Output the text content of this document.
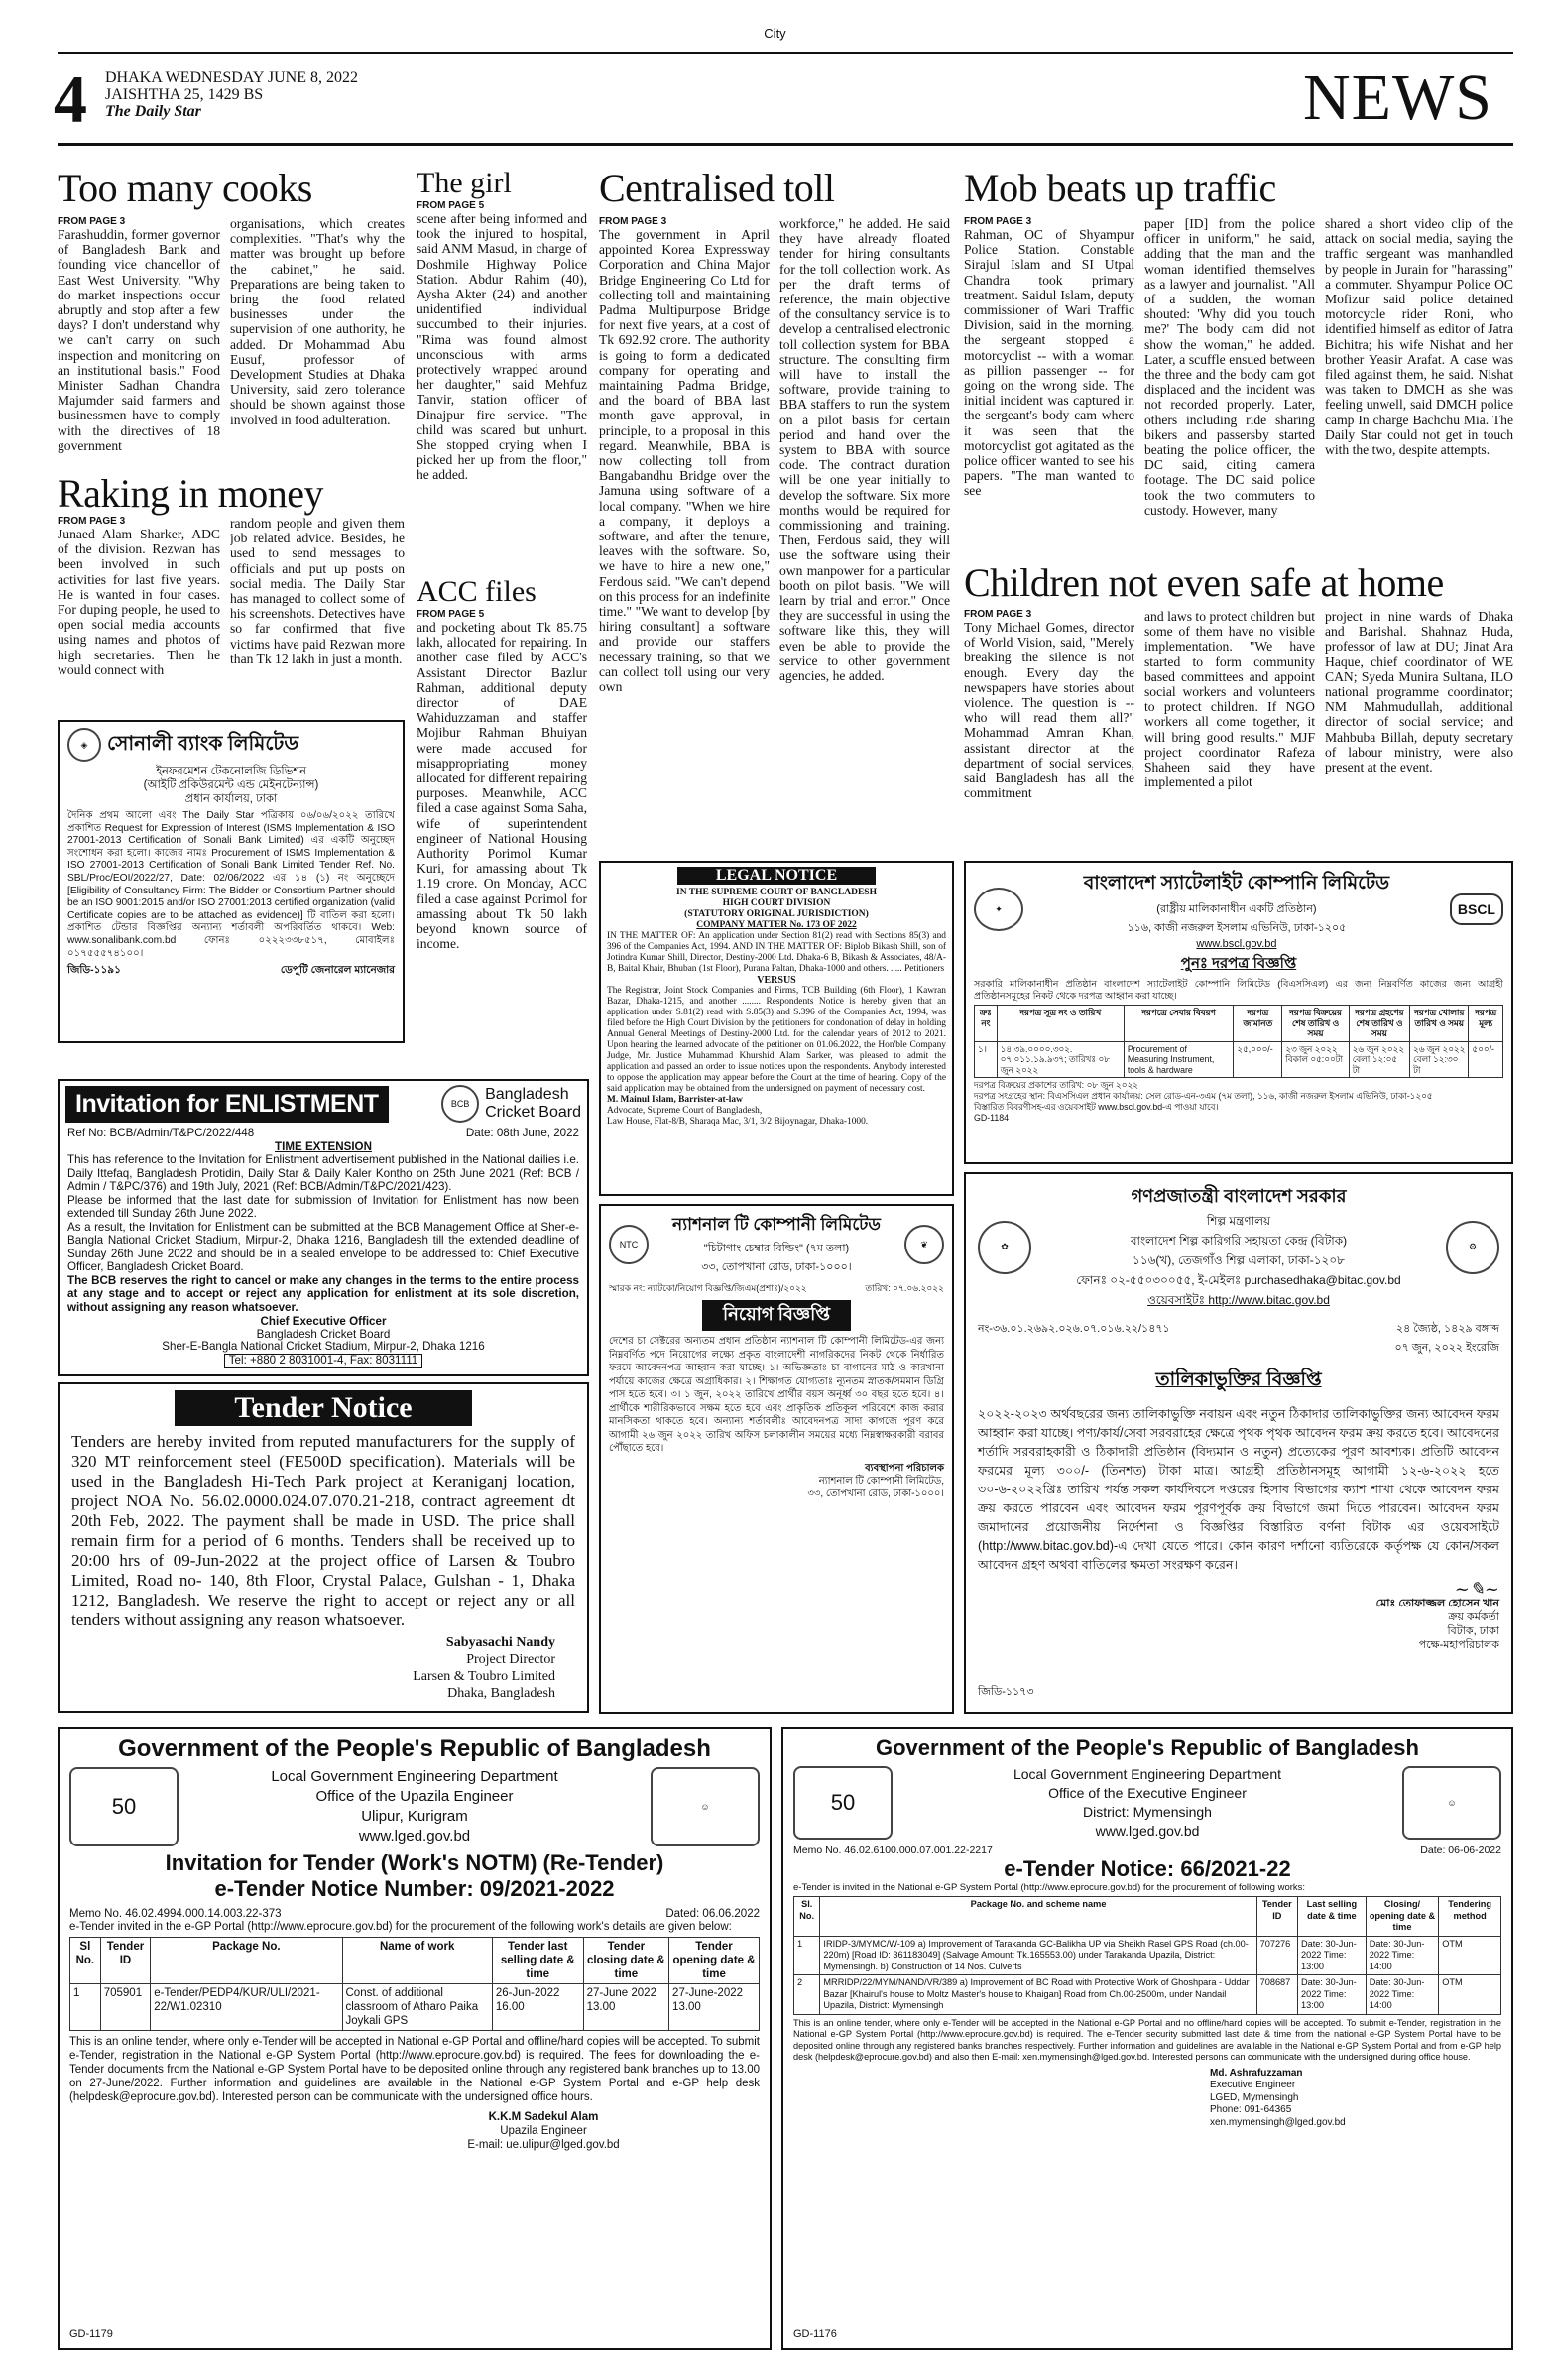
City
4 DHAKA WEDNESDAY JUNE 8, 2022
JAISHTHA 25, 1429 BS
The Daily Star	NEWS
Too many cooks
FROM PAGE 3
Farashuddin, former governor of Bangladesh Bank and founding vice chancellor of East West University. "Why do market inspections occur abruptly and stop after a few days? I don't understand why we can't carry on such inspection and monitoring on an institutional basis." Food Minister Sadhan Chandra Majumder said farmers and businessmen have to comply with the directives of 18 government
organisations, which creates complexities. "That's why the matter was brought up before the cabinet," he said. Preparations are being taken to bring the food related businesses under the supervision of one authority, he added. Dr Mohammad Abu Eusuf, professor of Development Studies at Dhaka University, said zero tolerance should be shown against those involved in food adulteration.
Raking in money
FROM PAGE 3
Junaed Alam Sharker, ADC of the division. Rezwan has been involved in such activities for last five years. He is wanted in four cases. For duping people, he used to open social media accounts using names and photos of high secretaries. Then he would connect with
random people and given them job related advice. Besides, he used to send messages to officials and put up posts on social media. The Daily Star has managed to collect some of his screenshots. Detectives have so far confirmed that five victims have paid Rezwan more than Tk 12 lakh in just a month.
The girl
FROM PAGE 5
scene after being informed and took the injured to hospital, said ANM Masud, in charge of Doshmile Highway Police Station. Abdur Rahim (40), Aysha Akter (24) and another unidentified individual succumbed to their injuries. "Rima was found almost unconscious with arms protectively wrapped around her daughter," said Mehfuz Tanvir, station officer of Dinajpur fire service. "The child was scared but unhurt. She stopped crying when I picked her up from the floor," he added.
ACC files
FROM PAGE 5
and pocketing about Tk 85.75 lakh, allocated for repairing. In another case filed by ACC's Assistant Director Bazlur Rahman, additional deputy director of DAE Wahiduzzaman and staffer Mojibur Rahman Bhuiyan were made accused for misappropriating money allocated for different repairing purposes. Meanwhile, ACC filed a case against Soma Saha, wife of superintendent engineer of National Housing Authority Porimol Kumar Kuri, for amassing about Tk 1.19 crore. On Monday, ACC filed a case against Porimol for amassing about Tk 50 lakh beyond known source of income.
Centralised toll
FROM PAGE 3
The government in April appointed Korea Expressway Corporation and China Major Bridge Engineering Co Ltd for collecting toll and maintaining Padma Multipurpose Bridge for next five years, at a cost of Tk 692.92 crore. The authority is going to form a dedicated company for operating and maintaining Padma Bridge, and the board of BBA last month gave approval, in principle, to a proposal in this regard. Meanwhile, BBA is now collecting toll from Bangabandhu Bridge over the Jamuna using software of a local company. "When we hire a company, it deploys a software, and after the tenure, leaves with the software. So, we have to hire a new one," Ferdous said. "We can't depend on this process for an indefinite time." "We want to develop [by hiring consultant] a software and provide our staffers necessary training, so that we can collect toll using our very own
workforce," he added. He said they have already floated tender for hiring consultants for the toll collection work. As per the draft terms of reference, the main objective of the consultancy service is to develop a centralised electronic toll collection system for BBA structure. The consulting firm will have to install the software, provide training to BBA staffers to run the system on a pilot basis for certain period and hand over the system to BBA with source code. The contract duration will be one year initially to develop the software. Six more months would be required for commissioning and training. Then, Ferdous said, they will use the software using their own manpower for a particular booth on pilot basis. "We will learn by trial and error." Once they are successful in using the software like this, they will even be able to provide the service to other government agencies, he added.
Mob beats up traffic
FROM PAGE 3
Rahman, OC of Shyampur Police Station. Constable Sirajul Islam and SI Utpal Chandra took primary treatment. Saidul Islam, deputy commissioner of Wari Traffic Division, said in the morning, the sergeant stopped a motorcyclist -- with a woman as pillion passenger -- for going on the wrong side. The initial incident was captured in the sergeant's body cam where it was seen that the motorcyclist got agitated as the police officer wanted to see his papers. "The man wanted to see
paper [ID] from the police officer in uniform," he said, adding that the man and the woman identified themselves as a lawyer and journalist. "All of a sudden, the woman shouted: 'Why did you touch me?' The body cam did not show the woman," he added. Later, a scuffle ensued between the three and the body cam got displaced and the incident was not recorded properly. Later, others including ride sharing bikers and passersby started beating the police officer, the DC said, citing camera footage. The DC said police took the two commuters to custody. However, many
shared a short video clip of the attack on social media, saying the traffic sergeant was manhandled by people in Jurain for "harassing" a commuter. Shyampur Police OC Mofizur said police detained motorcycle rider Roni, who identified himself as editor of Jatra Bichitra; his wife Nishat and her brother Yeasir Arafat. A case was filed against them, he said. Nishat was taken to DMCH as she was feeling unwell, said DMCH police camp In charge Bachchu Mia. The Daily Star could not get in touch with the two, despite attempts.
Children not even safe at home
FROM PAGE 3
Tony Michael Gomes, director of World Vision, said, "Merely breaking the silence is not enough. Every day the newspapers have stories about violence. The question is -- who will read them all?" Mohammad Amran Khan, assistant director at the department of social services, said Bangladesh has all the commitment
and laws to protect children but some of them have no visible implementation. "We have started to form community based committees and appoint social workers and volunteers to protect children. If NGO workers all come together, it will bring good results." MJF project coordinator Rafeza Shaheen said they have implemented a pilot
project in nine wards of Dhaka and Barishal. Shahnaz Huda, professor of law at DU; Jinat Ara Haque, chief coordinator of WE CAN; Syeda Munira Sultana, ILO national programme coordinator; NM Mahmudullah, additional director of social service; and Mahbuba Billah, deputy secretary of labour ministry, were also present at the event.
◈ সোনালী ব্যাংক লিমিটেড
ইনফরমেশন টেকনোলজি ডিভিশন
(আইটি প্রকিউরমেন্ট এন্ড মেইনটেন্যান্স)
প্রধান কার্যালয়, ঢাকা
দৈনিক প্রথম আলো এবং The Daily Star পত্রিকায় ০৬/০৬/২০২২ তারিখে প্রকাশিত Request for Expression of Interest (ISMS Implementation & ISO 27001-2013 Certification of Sonali Bank Limited) এর একটি অনুচ্ছেদ সংশোধন করা হলো। কাজের নামঃ Procurement of ISMS Implementation & ISO 27001-2013 Certification of Sonali Bank Limited Tender Ref. No. SBL/Proc/EOI/2022/27, Date: 02/06/2022 এর ১৪ (১) নং অনুচ্ছেদে [Eligibility of Consultancy Firm: The Bidder or Consortium Partner should be an ISO 9001:2015 and/or ISO 27001:2013 certified organization (valid Certificate copies are to be attached as evidence)] টি বাতিল করা হলো। প্রকাশিত টেন্ডার বিজ্ঞপ্তির অন্যান্য শর্তাবলী অপরিবর্তিত থাকবে। Web: www.sonalibank.com.bd ফোনঃ ০২২২৩৩৮৫১৭, মোবাইলঃ ০১৭৫৫৫৭৪১০০।
জিডি-১১৯১	ডেপুটি জেনারেল ম্যানেজার
Invitation for ENLISTMENT	BCB
Bangladesh
Cricket Board
Ref No: BCB/Admin/T&PC/2022/448	Date: 08th June, 2022
TIME EXTENSION
This has reference to the Invitation for Enlistment advertisement published in the National dailies i.e. Daily Ittefaq, Bangladesh Protidin, Daily Star & Daily Kaler Kontho on 25th June 2021 (Ref: BCB / Admin / T&PC/376) and 19th July, 2021 (Ref: BCB/Admin/T&PC/2021/423).
Please be informed that the last date for submission of Invitation for Enlistment has now been extended till Sunday 26th June 2022.
As a result, the Invitation for Enlistment can be submitted at the BCB Management Office at Sher-e-Bangla National Cricket Stadium, Mirpur-2, Dhaka 1216, Bangladesh till the extended deadline of Sunday 26th June 2022 and should be in a sealed envelope to be addressed to: Chief Executive Officer, Bangladesh Cricket Board.
The BCB reserves the right to cancel or make any changes in the terms to the entire process at any stage and to accept or reject any application for enlistment at its sole discretion, without assigning any reason whatsoever.
Chief Executive Officer
Bangladesh Cricket Board
Sher-E-Bangla National Cricket Stadium, Mirpur-2, Dhaka 1216
Tel: +880 2 8031001-4, Fax: 8031111
Tender Notice
Tenders are hereby invited from reputed manufacturers for the supply of 320 MT reinforcement steel (FE500D specification). Materials will be used in the Bangladesh Hi-Tech Park project at Keraniganj location, project NOA No. 56.02.0000.024.07.070.21-218, contract agreement dt 20th Feb, 2022. The payment shall be made in USD. The price shall remain firm for a period of 6 months. Tenders shall be received up to 20:00 hrs of 09-Jun-2022 at the project office of Larsen & Toubro Limited, Road no- 140, 8th Floor, Crystal Palace, Gulshan - 1, Dhaka 1212, Bangladesh. We reserve the right to accept or reject any or all tenders without assigning any reason whatsoever.
Sabyasachi Nandy
Project Director
Larsen & Toubro Limited
Dhaka, Bangladesh
LEGAL NOTICE
IN THE SUPREME COURT OF BANGLADESH
HIGH COURT DIVISION
(STATUTORY ORIGINAL JURISDICTION)
COMPANY MATTER No. 173 OF 2022
IN THE MATTER OF: An application under Section 81(2) read with Sections 85(3) and 396 of the Companies Act, 1994. AND IN THE MATTER OF: Biplob Bikash Shill, son of Jotindra Kumar Shill, Director, Destiny-2000 Ltd. Dhaka-6 B, Bikash & Associates, 48/A-B, Baital Khair, Bhuban (1st Floor), Purana Paltan, Dhaka-1000 and others. ..... Petitioners
VERSUS
The Registrar, Joint Stock Companies and Firms, TCB Building (6th Floor), 1 Kawran Bazar, Dhaka-1215, and another ........ Respondents Notice is hereby given that an application under S.81(2) read with S.85(3) and S.396 of the Companies Act, 1994, was filed before the High Court Division by the petitioners for condonation of delay in holding Annual General Meetings of Destiny-2000 Ltd. for the calendar years of 2012 to 2021. Upon hearing the learned advocate of the petitioner on 01.06.2022, the Hon'ble Company Judge, Mr. Justice Muhammad Khurshid Alam Sarker, was pleased to admit the application and passed an order to issue notices upon the respondents. Anybody interested to oppose the application may appear before the Court at the time of hearing. Copy of the said application may be obtained from the undersigned on payment of necessary cost.
M. Mainul Islam, Barrister-at-law
Advocate, Supreme Court of Bangladesh,
Law House, Flat-8/B, Sharaqa Mac, 3/1, 3/2 Bijoynagar, Dhaka-1000.
NTC
ন্যাশনাল টি কোম্পানী লিমিটেড
"চিটাগাং চেম্বার বিল্ডিং" (৭ম তলা)
৩৩, তোপখানা রোড, ঢাকা-১০০০।
❦
স্মারক নং: ন্যাটকো/নিয়োগ বিজ্ঞপ্তি/জিএম(প্রশাঃ)/২০২২	তারিখ: ০৭.০৬.২০২২
নিয়োগ বিজ্ঞপ্তি
দেশের চা সেক্টরের অন্যতম প্রধান প্রতিষ্ঠান ন্যাশনাল টি কোম্পানী লিমিটেড-এর জন্য নিম্নবর্ণিত পদে নিয়োগের লক্ষ্যে প্রকৃত বাংলাদেশী নাগরিকদের নিকট থেকে নির্ধারিত ফরমে আবেদনপত্র আহ্বান করা যাচ্ছে। ১। অভিজ্ঞতাঃ চা বাগানের মাঠ ও কারখানা পর্যায়ে কাজের ক্ষেত্রে অগ্রাধিকার। ২। শিক্ষাগত যোগ্যতাঃ ন্যূনতম স্নাতক/সমমান ডিগ্রি পাস হতে হবে। ৩। ১ জুন, ২০২২ তারিখে প্রার্থীর বয়স অনূর্ধ্ব ৩০ বছর হতে হবে। ৪। প্রার্থীকে শারীরিকভাবে সক্ষম হতে হবে এবং প্রাকৃতিক প্রতিকূল পরিবেশে কাজ করার মানসিকতা থাকতে হবে। অন্যান্য শর্তাবলীঃ আবেদনপত্র সাদা কাগজে পূরণ করে আগামী ২৬ জুন ২০২২ তারিখ অফিস চলাকালীন সময়ের মধ্যে নিম্নস্বাক্ষরকারী বরাবর পৌঁছাতে হবে।
ব্যবস্থাপনা পরিচালক
ন্যাশনাল টি কোম্পানী লিমিটেড,
৩৩, তোপখানা রোড, ঢাকা-১০০০।
✦
বাংলাদেশ স্যাটেলাইট কোম্পানি লিমিটেড
(রাষ্ট্রীয় মালিকানাধীন একটি প্রতিষ্ঠান)
১১৬, কাজী নজরুল ইসলাম এভিনিউ, ঢাকা-১২০৫
www.bscl.gov.bd
BSCL
পুনঃ দরপত্র বিজ্ঞপ্তি
সরকারি মালিকানাধীন প্রতিষ্ঠান বাংলাদেশ স্যাটেলাইট কোম্পানি লিমিটেড (বিএসসিএল) এর জন্য নিম্নবর্ণিত কাজের জন্য আগ্রহী প্রতিষ্ঠানসমূহের নিকট থেকে দরপত্র আহ্বান করা যাচ্ছে।
ক্রঃ নং	দরপত্র সূত্র নং ও তারিখ	দরপত্রে সেবার বিবরণ	দরপত্র জামানত	দরপত্র বিক্রয়ের শেষ তারিখ ও সময়	দরপত্র গ্রহণের শেষ তারিখ ও সময়	দরপত্র খোলার তারিখ ও সময়	দরপত্র মূল্য
১।	১৪.৩৯.০০০০.৩০২. ০৭.০১১.১৯.৯৩৭; তারিখঃ ০৮ জুন ২০২২	Procurement of Measuring Instrument, tools & hardware	২৫,০০০/-	২৩ জুন ২০২২ বিকাল ০৫:০০টা	২৬ জুন ২০২২ বেলা ১২:০৫ টা	২৬ জুন ২০২২ বেলা ১২:৩০ টা	৫০০/-
দরপত্র বিক্রয়ের প্রকাশের তারিখ: ০৮ জুন ২০২২
দরপত্র সংগ্রহের স্থান: বিএসসিএল প্রধান কার্যালয়: সেল রোড-এন-৩এম (৭ম তলা), ১১৬, কাজী নজরুল ইসলাম এভিনিউ, ঢাকা-১২০৫
বিস্তারিত বিবরণীসহ-এর ওয়েবসাইট www.bscl.gov.bd-এ পাওয়া যাবে।
GD-1184
✿
গণপ্রজাতন্ত্রী বাংলাদেশ সরকার
শিল্প মন্ত্রণালয়
বাংলাদেশ শিল্প কারিগরি সহায়তা কেন্দ্র (বিটাক)
১১৬(খ), তেজগাঁও শিল্প এলাকা, ঢাকা-১২০৮
ফোনঃ ০২-৫৫০৩০০৫৫, ই-মেইলঃ purchasedhaka@bitac.gov.bd
ওয়েবসাইটঃ http://www.bitac.gov.bd
⚙
নং-৩৬.০১.২৬৯২.০২৬.০৭.০১৬.২২/১৪৭১	২৪ জ্যৈষ্ঠ, ১৪২৯ বঙ্গাব্দ
০৭ জুন, ২০২২ ইংরেজি
তালিকাভুক্তির বিজ্ঞপ্তি
২০২২-২০২৩ অর্থবছরের জন্য তালিকাভুক্তি নবায়ন এবং নতুন ঠিকাদার তালিকাভুক্তির জন্য আবেদন ফরম আহ্বান করা যাচ্ছে। পণ্য/কার্য/সেবা সরবরাহের ক্ষেত্রে পৃথক পৃথক আবেদন ফরম ক্রয় করতে হবে। আবেদনের শর্তাদি সরবরাহকারী ও ঠিকাদারী প্রতিষ্ঠান (বিদ্যমান ও নতুন) প্রত্যেকের পূরণ আবশ্যক। প্রতিটি আবেদন ফরমের মূল্য ৩০০/- (তিনশত) টাকা মাত্র। আগ্রহী প্রতিষ্ঠানসমূহ আগামী ১২-৬-২০২২ হতে ৩০-৬-২০২২খ্রিঃ তারিখ পর্যন্ত সকল কার্যদিবসে দপ্তরের হিসাব বিভাগের ক্যাশ শাখা থেকে আবেদন ফরম ক্রয় করতে পারবেন এবং আবেদন ফরম পূরণপূর্বক ক্রয় বিভাগে জমা দিতে পারবেন। আবেদন ফরম জমাদানের প্রয়োজনীয় নির্দেশনা ও বিজ্ঞপ্তির বিস্তারিত বর্ণনা বিটাক এর ওয়েবসাইটে (http://www.bitac.gov.bd)-এ দেখা যেতে পারে। কোন কারণ দর্শানো ব্যতিরেকে কর্তৃপক্ষ যে কোন/সকল আবেদন গ্রহণ অথবা বাতিলের ক্ষমতা সংরক্ষণ করেন।
~✎~
মোঃ তোফাজ্জল হোসেন খান
ক্রয় কর্মকর্তা
বিটাক, ঢাকা
পক্ষে-মহাপরিচালক
জিডি-১১৭৩
Government of the People's Republic of Bangladesh
50
Local Government Engineering Department
Office of the Upazila Engineer
Ulipur, Kurigram
www.lged.gov.bd
☺
Invitation for Tender (Work's NOTM) (Re-Tender)
e-Tender Notice Number: 09/2021-2022
Memo No. 46.02.4994.000.14.003.22-373	Dated: 06.06.2022
e-Tender invited in the e-GP Portal (http://www.eprocure.gov.bd) for the procurement of the following work's details are given below:
Sl No.	Tender ID	Package No.	Name of work	Tender last selling date & time	Tender closing date & time	Tender opening date & time
1	705901	e-Tender/PEDP4/KUR/ULI/2021-22/W1.02310	Const. of additional classroom of Atharo Paika Joykali GPS	26-Jun-2022 16.00	27-June 2022 13.00	27-June-2022 13.00
This is an online tender, where only e-Tender will be accepted in National e-GP Portal and offline/hard copies will be accepted. To submit e-Tender, registration in the National e-GP System Portal (http://www.eprocure.gov.bd) is required. The fees for downloading the e-Tender documents from the National e-GP System Portal have to be deposited online through any registered bank branches up to 13.00 on 27-June/2022. Further information and guidelines are available in the National e-GP System Portal and e-GP help desk (helpdesk@eprocure.gov.bd). Interested person can be communicate with the undersigned office hours.
K.K.M Sadekul Alam
Upazila Engineer
E-mail: ue.ulipur@lged.gov.bd
GD-1179
Government of the People's Republic of Bangladesh
50
Local Government Engineering Department
Office of the Executive Engineer
District: Mymensingh
www.lged.gov.bd
☺
Memo No. 46.02.6100.000.07.001.22-2217	Date: 06-06-2022
e-Tender Notice: 66/2021-22
e-Tender is invited in the National e-GP System Portal (http://www.eprocure.gov.bd) for the procurement of following works:
Sl. No.	Package No. and scheme name	Tender ID	Last selling date & time	Closing/ opening date & time	Tendering method
1	IRIDP-3/MYMC/W-109 a) Improvement of Tarakanda GC-Balikha UP via Sheikh Rasel GPS Road (ch.00-220m) [Road ID: 361183049] (Salvage Amount: Tk.165553.00) under Tarakanda Upazila, District: Mymensingh. b) Construction of 14 Nos. Culverts	707276	Date: 30-Jun-2022 Time: 13:00	Date: 30-Jun-2022 Time: 14:00	OTM
2	MRRIDP/22/MYM/NAND/VR/389 a) Improvement of BC Road with Protective Work of Ghoshpara - Uddar Bazar [Khairul's house to Moltz Master's house to Khaigan] Road from Ch.00-2500m, under Nandail Upazila, District: Mymensingh	708687	Date: 30-Jun-2022 Time: 13:00	Date: 30-Jun-2022 Time: 14:00	OTM
This is an online tender, where only e-Tender will be accepted in the National e-GP Portal and no offline/hard copies will be accepted. To submit e-Tender, registration in the National e-GP System Portal (http://www.eprocure.gov.bd) is required. The e-Tender security submitted last date & time from the national e-GP System Portal have to be deposited online through any registered banks branches respectively. Further information and guidelines are available in the National e-GP System Portal and from e-GP help desk (helpdesk@eprocure.gov.bd) and also then E-mail: xen.mymensingh@lged.gov.bd. Interested persons can communicate with the undersigned during office house.
Md. Ashrafuzzaman
Executive Engineer
LGED, Mymensingh
Phone: 091-64365
xen.mymensingh@lged.gov.bd
GD-1176
